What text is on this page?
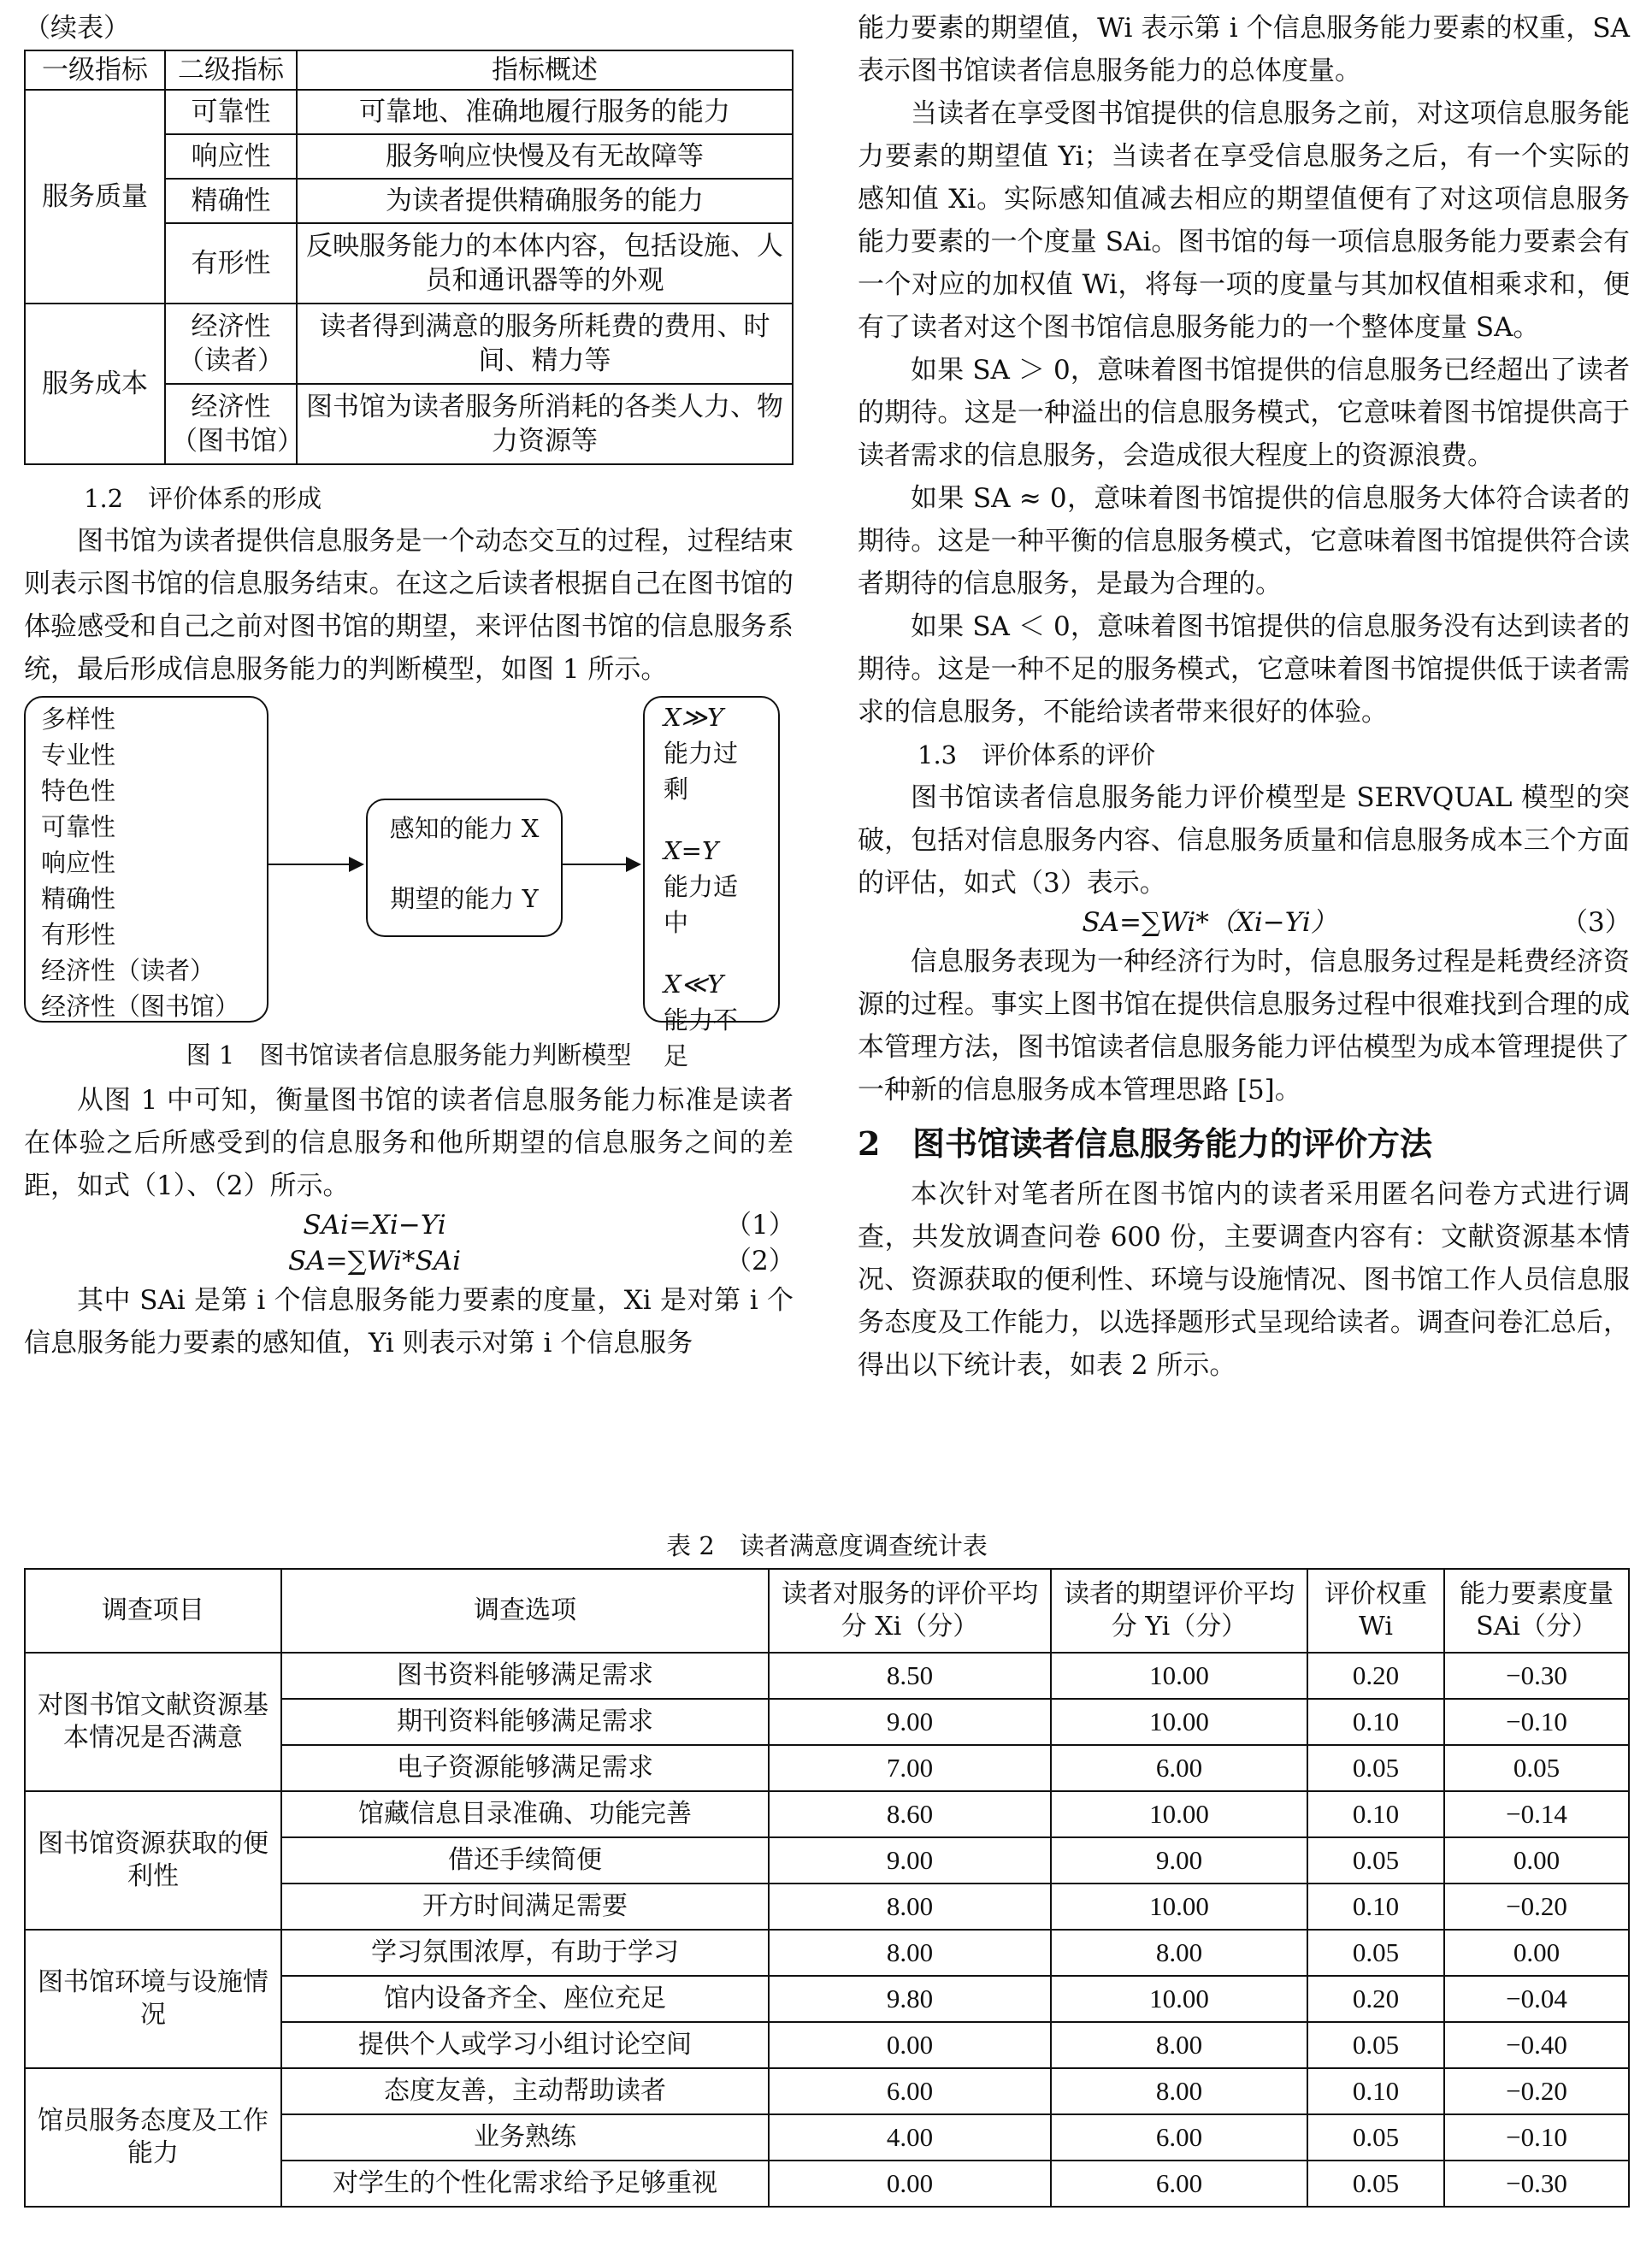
（续表）

一级指标	二级指标	指标概述
服务质量	可靠性	可靠地、准确地履行服务的能力
	响应性	服务响应快慢及有无故障等
	精确性	为读者提供精确服务的能力
	有形性	反映服务能力的本体内容，包括设施、人员和通讯器等的外观
服务成本	经济性（读者）	读者得到满意的服务所耗费的费用、时间、精力等
	经济性（图书馆）	图书馆为读者服务所消耗的各类人力、物力资源等
1.2　评价体系的形成

图书馆为读者提供信息服务是一个动态交互的过程，过程结束则表示图书馆的信息服务结束。在这之后读者根据自己在图书馆的体验感受和自己之前对图书馆的期望，来评估图书馆的信息服务系统，最后形成信息服务能力的判断模型，如图 1 所示。

多样性
专业性
特色性
可靠性
响应性
精确性
有形性
经济性（读者）
经济性（图书馆）
感知的能力 X
期望的能力 Y
X≫Y
能力过剩
X=Y
能力适中
X≪Y
能力不足
图 1　图书馆读者信息服务能力判断模型

从图 1 中可知，衡量图书馆的读者信息服务能力标准是读者在体验之后所感受到的信息服务和他所期望的信息服务之间的差距，如式（1）、（2）所示。

SAi=Xi−Yi	（1）
SA=∑Wi*SAi	（2）

其中 SAi 是第 i 个信息服务能力要素的度量，Xi 是对第 i 个信息服务能力要素的感知值，Yi 则表示对第 i 个信息服务

能力要素的期望值，Wi 表示第 i 个信息服务能力要素的权重，SA 表示图书馆读者信息服务能力的总体度量。

当读者在享受图书馆提供的信息服务之前，对这项信息服务能力要素的期望值 Yi；当读者在享受信息服务之后，有一个实际的感知值 Xi。实际感知值减去相应的期望值便有了对这项信息服务能力要素的一个度量 SAi。图书馆的每一项信息服务能力要素会有一个对应的加权值 Wi，将每一项的度量与其加权值相乘求和，便有了读者对这个图书馆信息服务能力的一个整体度量 SA。

如果 SA ＞ 0，意味着图书馆提供的信息服务已经超出了读者的期待。这是一种溢出的信息服务模式，它意味着图书馆提供高于读者需求的信息服务，会造成很大程度上的资源浪费。

如果 SA ≈ 0，意味着图书馆提供的信息服务大体符合读者的期待。这是一种平衡的信息服务模式，它意味着图书馆提供符合读者期待的信息服务，是最为合理的。

如果 SA ＜ 0，意味着图书馆提供的信息服务没有达到读者的期待。这是一种不足的服务模式，它意味着图书馆提供低于读者需求的信息服务，不能给读者带来很好的体验。

1.3　评价体系的评价

图书馆读者信息服务能力评价模型是 SERVQUAL 模型的突破，包括对信息服务内容、信息服务质量和信息服务成本三个方面的评估，如式（3）表示。

SA=∑Wi*（Xi−Yi）	（3）

信息服务表现为一种经济行为时，信息服务过程是耗费经济资源的过程。事实上图书馆在提供信息服务过程中很难找到合理的成本管理方法，图书馆读者信息服务能力评估模型为成本管理提供了一种新的信息服务成本管理思路 [5]。

2 图书馆读者信息服务能力的评价方法

本次针对笔者所在图书馆内的读者采用匿名问卷方式进行调查，共发放调查问卷 600 份，主要调查内容有：文献资源基本情况、资源获取的便利性、环境与设施情况、图书馆工作人员信息服务态度及工作能力，以选择题形式呈现给读者。调查问卷汇总后，得出以下统计表，如表 2 所示。

表 2　读者满意度调查统计表
调查项目	调查选项	读者对服务的评价平均分 Xi（分）	读者的期望评价平均分 Yi（分）	评价权重 Wi	能力要素度量 SAi（分）
对图书馆文献资源基本情况是否满意	图书资料能够满足需求	8.50	10.00	0.20	−0.30
	期刊资料能够满足需求	9.00	10.00	0.10	−0.10
	电子资源能够满足需求	7.00	6.00	0.05	0.05
图书馆资源获取的便利性	馆藏信息目录准确、功能完善	8.60	10.00	0.10	−0.14
	借还手续简便	9.00	9.00	0.05	0.00
	开方时间满足需要	8.00	10.00	0.10	−0.20
图书馆环境与设施情况	学习氛围浓厚，有助于学习	8.00	8.00	0.05	0.00
	馆内设备齐全、座位充足	9.80	10.00	0.20	−0.04
	提供个人或学习小组讨论空间	0.00	8.00	0.05	−0.40
馆员服务态度及工作能力	态度友善，主动帮助读者	6.00	8.00	0.10	−0.20
	业务熟练	4.00	6.00	0.05	−0.10
	对学生的个性化需求给予足够重视	0.00	6.00	0.05	−0.30
